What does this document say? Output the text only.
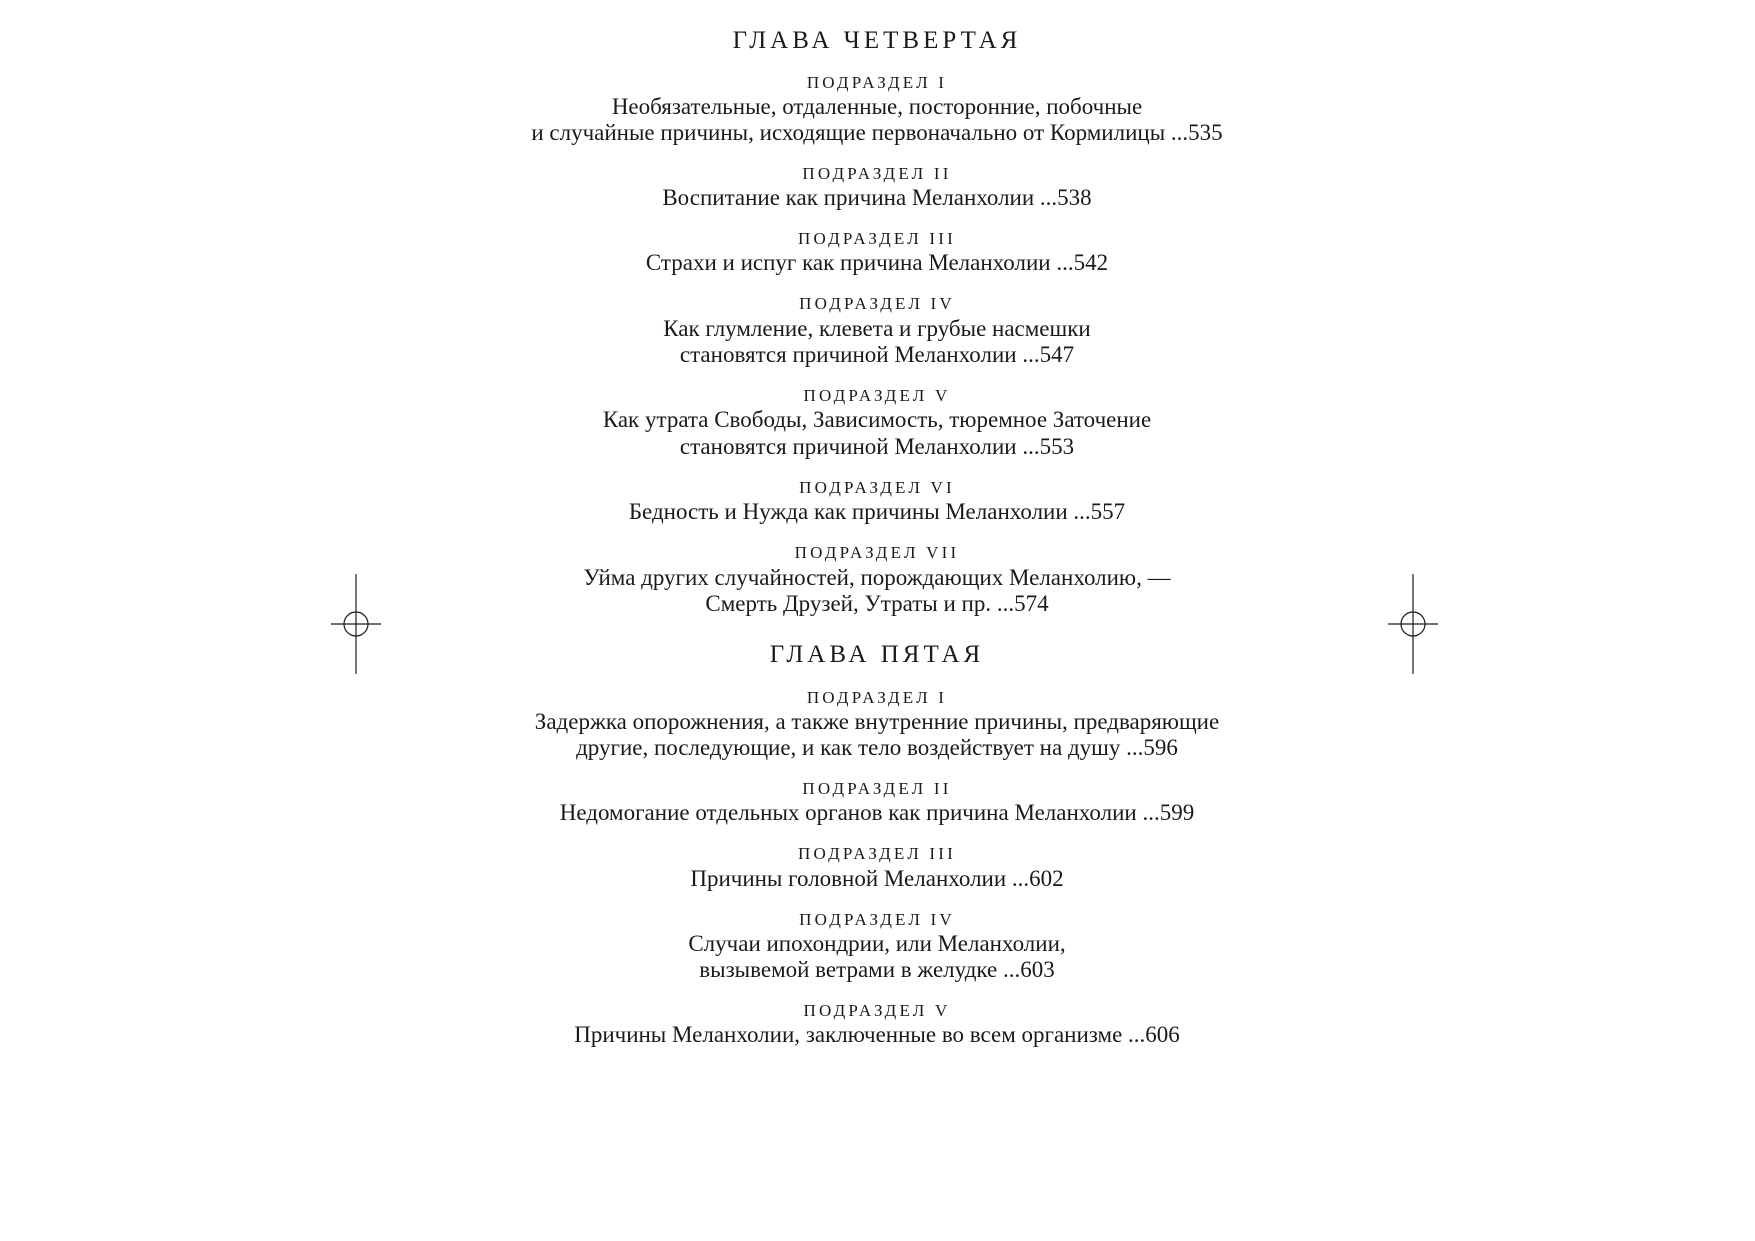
ГЛАВА ЧЕТВЕРТАЯ
ПОДРАЗДЕЛ I
Необязательные, отдаленные, посторонние, побочные
и случайные причины, исходящие первоначально от Кормилицы ...535
ПОДРАЗДЕЛ II
Воспитание как причина Меланхолии ...538
ПОДРАЗДЕЛ III
Страхи и испуг как причина Меланхолии ...542
ПОДРАЗДЕЛ IV
Как глумление, клевета и грубые насмешки
становятся причиной Меланхолии ...547
ПОДРАЗДЕЛ V
Как утрата Свободы, Зависимость, тюремное Заточение
становятся причиной Меланхолии ...553
ПОДРАЗДЕЛ VI
Бедность и Нужда как причины Меланхолии ...557
ПОДРАЗДЕЛ VII
Уйма других случайностей, порождающих Меланхолию, —
Смерть Друзей, Утраты и пр. ...574
ГЛАВА ПЯТАЯ
ПОДРАЗДЕЛ I
Задержка опорожнения, а также внутренние причины, предваряющие
другие, последующие, и как тело воздействует на душу ...596
ПОДРАЗДЕЛ II
Недомогание отдельных органов как причина Меланхолии ...599
ПОДРАЗДЕЛ III
Причины головной Меланхолии ...602
ПОДРАЗДЕЛ IV
Случаи ипохондрии, или Меланхолии,
вызывемой ветрами в желудке ...603
ПОДРАЗДЕЛ V
Причины Меланхолии, заключенные во всем организме ...606
